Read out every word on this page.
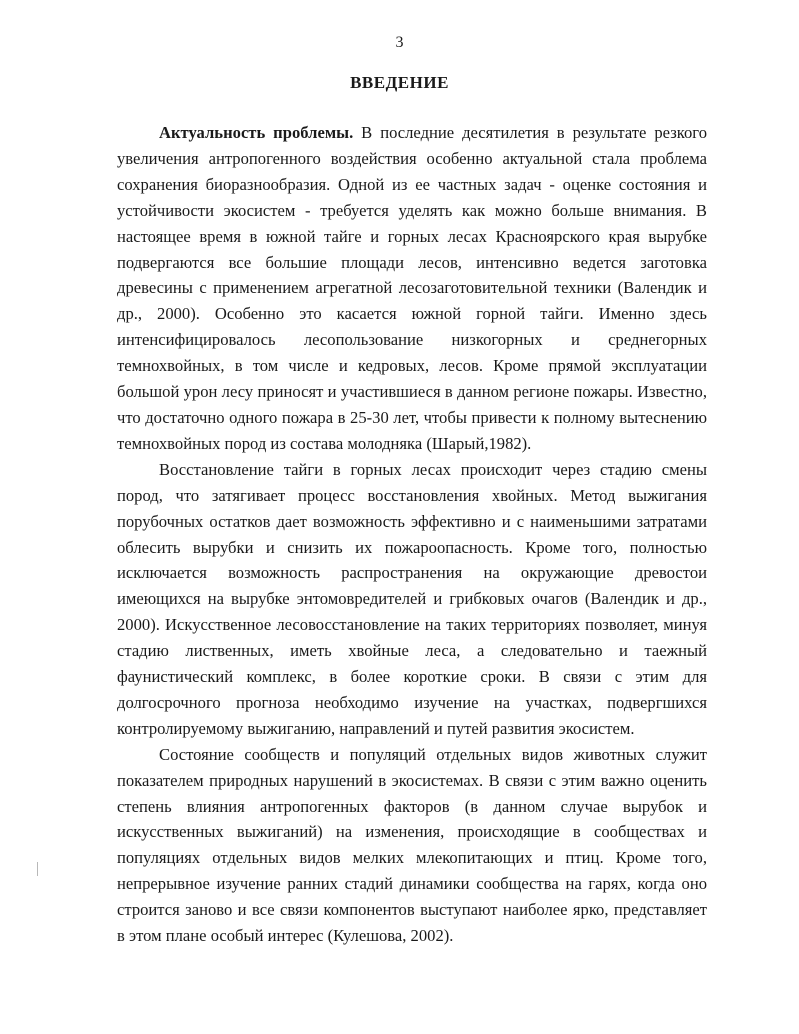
3
ВВЕДЕНИЕ

Актуальность проблемы. В последние десятилетия в результате резкого увеличения антропогенного воздействия особенно актуальной стала проблема сохранения биоразнообразия. Одной из ее частных задач - оценке состояния и устойчивости экосистем - требуется уделять как можно больше внимания. В настоящее время в южной тайге и горных лесах Красноярского края вырубке подвергаются все большие площади лесов, интенсивно ведется заготовка древесины с применением агрегатной лесозаготовительной техники (Валендик и др., 2000). Особенно это касается южной горной тайги. Именно здесь интенсифицировалось лесопользование низкогорных и среднегорных темнохвойных, в том числе и кедровых, лесов. Кроме прямой эксплуатации большой урон лесу приносят и участившиеся в данном регионе пожары. Известно, что достаточно одного пожара в 25-30 лет, чтобы привести к полному вытеснению темнохвойных пород из состава молодняка (Шарый,1982).

Восстановление тайги в горных лесах происходит через стадию смены пород, что затягивает процесс восстановления хвойных. Метод выжигания порубочных остатков дает возможность эффективно и с наименьшими затратами облесить вырубки и снизить их пожароопасность. Кроме того, полностью исключается возможность распространения на окружающие древостои имеющихся на вырубке энтомовредителей и грибковых очагов (Валендик и др., 2000). Искусственное лесовосстановление на таких территориях позволяет, минуя стадию лиственных, иметь хвойные леса, а следовательно и таежный фаунистический комплекс, в более короткие сроки. В связи с этим для долгосрочного прогноза необходимо изучение на участках, подвергшихся контролируемому выжиганию, направлений и путей развития экосистем.

Состояние сообществ и популяций отдельных видов животных служит показателем природных нарушений в экосистемах. В связи с этим важно оценить степень влияния антропогенных факторов (в данном случае вырубок и искусственных выжиганий) на изменения, происходящие в сообществах и популяциях отдельных видов мелких млекопитающих и птиц. Кроме того, непрерывное изучение ранних стадий динамики сообщества на гарях, когда оно строится заново и все связи компонентов выступают наиболее ярко, представляет в этом плане особый интерес (Кулешова, 2002).
